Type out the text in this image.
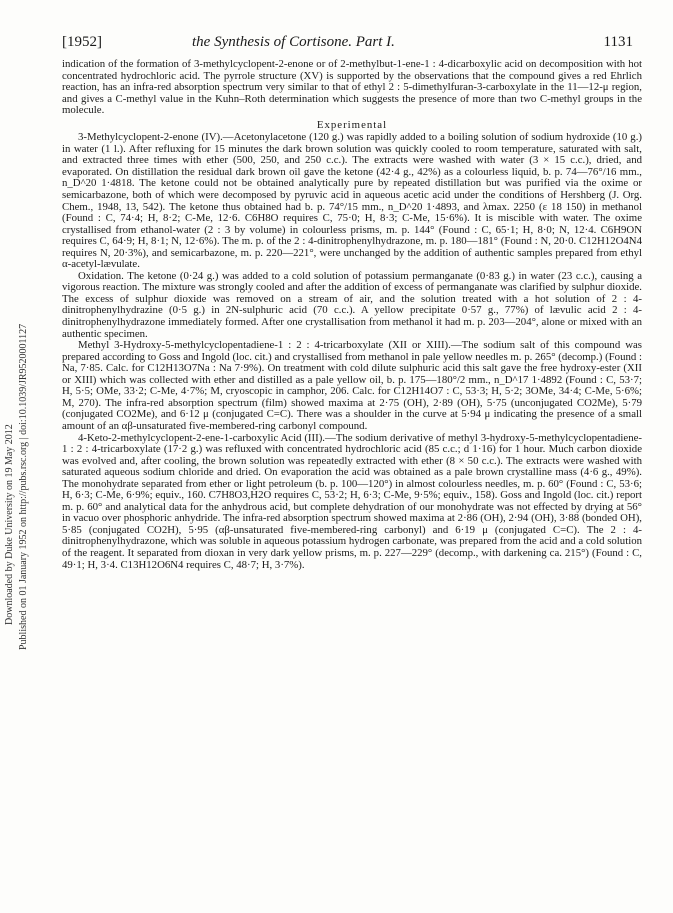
[1952]	the Synthesis of Cortisone. Part I.	1131
Downloaded by Duke University on 19 May 2012 Published on 01 January 1952 on http://pubs.rsc.org | doi:10.1039/JR9520001127

indication of the formation of 3-methylcyclopent-2-enone or of 2-methylbut-1-ene-1 : 4-dicarboxylic acid on decomposition with hot concentrated hydrochloric acid. The pyrrole structure (XV) is supported by the observations that the compound gives a red Ehrlich reaction, has an infra-red absorption spectrum very similar to that of ethyl 2 : 5-dimethylfuran-3-carboxylate in the 11—12-μ region, and gives a C-methyl value in the Kuhn–Roth determination which suggests the presence of more than two C-methyl groups in the molecule.

Experimental

3-Methylcyclopent-2-enone (IV).—Acetonylacetone (120 g.) was rapidly added to a boiling solution of sodium hydroxide (10 g.) in water (1 l.). After refluxing for 15 minutes the dark brown solution was quickly cooled to room temperature, saturated with salt, and extracted three times with ether (500, 250, and 250 c.c.). The extracts were washed with water (3 × 15 c.c.), dried, and evaporated. On distillation the residual dark brown oil gave the ketone (42·4 g., 42%) as a colourless liquid, b. p. 74—76°/16 mm., n_D^20 1·4818. The ketone could not be obtained analytically pure by repeated distillation but was purified via the oxime or semicarbazone, both of which were decomposed by pyruvic acid in aqueous acetic acid under the conditions of Hershberg (J. Org. Chem., 1948, 13, 542). The ketone thus obtained had b. p. 74°/15 mm., n_D^20 1·4893, and λmax. 2250 (ε 18 150) in methanol (Found : C, 74·4; H, 8·2; C-Me, 12·6. C6H8O requires C, 75·0; H, 8·3; C-Me, 15·6%). It is miscible with water. The oxime crystallised from ethanol-water (2 : 3 by volume) in colourless prisms, m. p. 144° (Found : C, 65·1; H, 8·0; N, 12·4. C6H9ON requires C, 64·9; H, 8·1; N, 12·6%). The m. p. of the 2 : 4-dinitrophenylhydrazone, m. p. 180—181° (Found : N, 20·0. C12H12O4N4 requires N, 20·3%), and semicarbazone, m. p. 220—221°, were unchanged by the addition of authentic samples prepared from ethyl α-acetyl-lævulate.

Oxidation. The ketone (0·24 g.) was added to a cold solution of potassium permanganate (0·83 g.) in water (23 c.c.), causing a vigorous reaction. The mixture was strongly cooled and after the addition of excess of permanganate was clarified by sulphur dioxide. The excess of sulphur dioxide was removed on a stream of air, and the solution treated with a hot solution of 2 : 4-dinitrophenylhydrazine (0·5 g.) in 2N-sulphuric acid (70 c.c.). A yellow precipitate 0·57 g., 77%) of lævulic acid 2 : 4-dinitrophenylhydrazone immediately formed. After one crystallisation from methanol it had m. p. 203—204°, alone or mixed with an authentic specimen.

Methyl 3-Hydroxy-5-methylcyclopentadiene-1 : 2 : 4-tricarboxylate (XII or XIII).—The sodium salt of this compound was prepared according to Goss and Ingold (loc. cit.) and crystallised from methanol in pale yellow needles m. p. 265° (decomp.) (Found : Na, 7·85. Calc. for C12H13O7Na : Na 7·9%). On treatment with cold dilute sulphuric acid this salt gave the free hydroxy-ester (XII or XIII) which was collected with ether and distilled as a pale yellow oil, b. p. 175—180°/2 mm., n_D^17 1·4892 (Found : C, 53·7; H, 5·5; OMe, 33·2; C-Me, 4·7%; M, cryoscopic in camphor, 206. Calc. for C12H14O7 : C, 53·3; H, 5·2; 3OMe, 34·4; C-Me, 5·6%; M, 270). The infra-red absorption spectrum (film) showed maxima at 2·75 (OH), 2·89 (OH), 5·75 (unconjugated CO2Me), 5·79 (conjugated CO2Me), and 6·12 μ (conjugated C=C). There was a shoulder in the curve at 5·94 μ indicating the presence of a small amount of an αβ-unsaturated five-membered-ring carbonyl compound.

4-Keto-2-methylcyclopent-2-ene-1-carboxylic Acid (III).—The sodium derivative of methyl 3-hydroxy-5-methylcyclopentadiene-1 : 2 : 4-tricarboxylate (17·2 g.) was refluxed with concentrated hydrochloric acid (85 c.c.; d 1·16) for 1 hour. Much carbon dioxide was evolved and, after cooling, the brown solution was repeatedly extracted with ether (8 × 50 c.c.). The extracts were washed with saturated aqueous sodium chloride and dried. On evaporation the acid was obtained as a pale brown crystalline mass (4·6 g., 49%). The monohydrate separated from ether or light petroleum (b. p. 100—120°) in almost colourless needles, m. p. 60° (Found : C, 53·6; H, 6·3; C-Me, 6·9%; equiv., 160. C7H8O3,H2O requires C, 53·2; H, 6·3; C-Me, 9·5%; equiv., 158). Goss and Ingold (loc. cit.) report m. p. 60° and analytical data for the anhydrous acid, but complete dehydration of our monohydrate was not effected by drying at 56° in vacuo over phosphoric anhydride. The infra-red absorption spectrum showed maxima at 2·86 (OH), 2·94 (OH), 3·88 (bonded OH), 5·85 (conjugated CO2H), 5·95 (αβ-unsaturated five-membered-ring carbonyl) and 6·19 μ (conjugated C=C). The 2 : 4-dinitrophenylhydrazone, which was soluble in aqueous potassium hydrogen carbonate, was prepared from the acid and a cold solution of the reagent. It separated from dioxan in very dark yellow prisms, m. p. 227—229° (decomp., with darkening ca. 215°) (Found : C, 49·1; H, 3·4. C13H12O6N4 requires C, 48·7; H, 3·7%).
